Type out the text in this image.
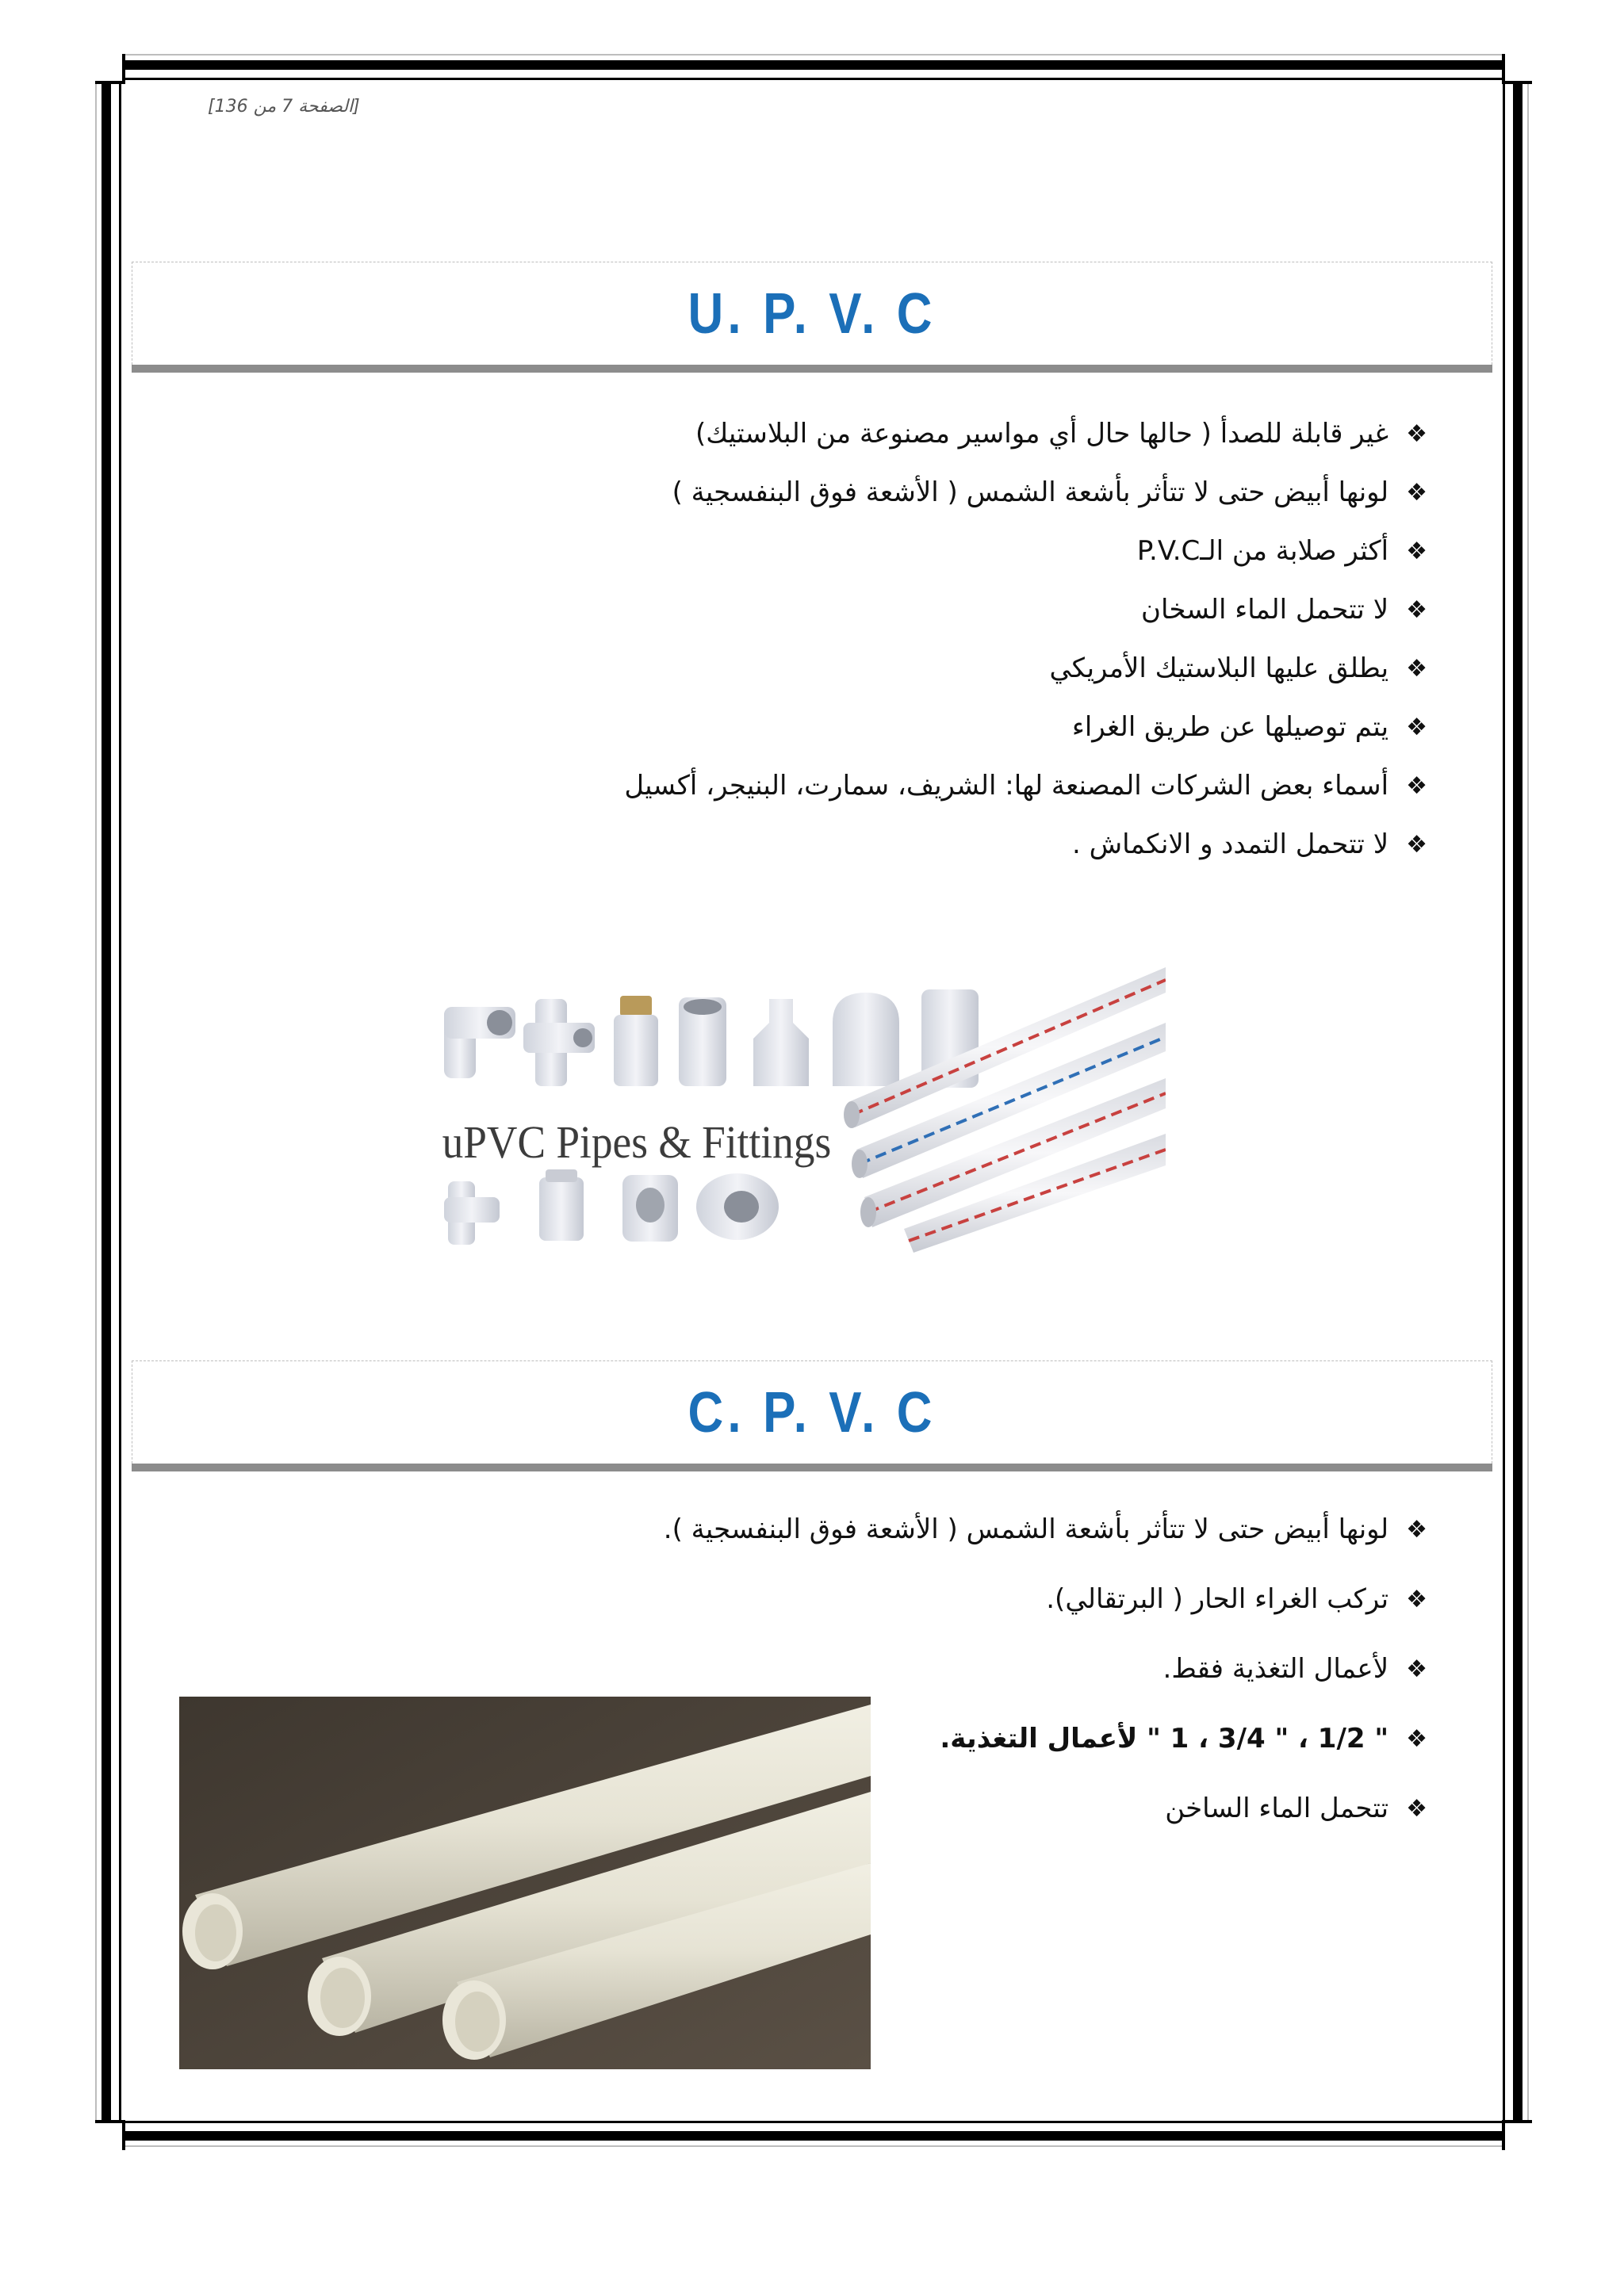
[الصفحة 7 من 136]
U. P. V. C
❖
غير قابلة للصدأ ( حالها حال أي مواسير مصنوعة من البلاستيك)
❖
لونها أبيض حتى لا تتأثر بأشعة الشمس ( الأشعة فوق البنفسجية )
❖
أكثر صلابة من الـP.V.C
❖
لا تتحمل الماء السخان
❖
يطلق عليها البلاستيك الأمريكي
❖
يتم توصيلها عن طريق الغراء
❖
أسماء بعض الشركات المصنعة لها: الشريف، سمارت، البنيجر، أكسيل
❖
لا تتحمل التمدد و الانكماش .
uPVC Pipes & Fittings
C. P. V. C
❖
لونها أبيض حتى لا تتأثر بأشعة الشمس ( الأشعة فوق البنفسجية ).
❖
تركب الغراء الحار ( البرتقالي).
❖
لأعمال التغذية فقط.
❖
" 1/2 ، " 3/4 ، 1 " لأعمال التغذية.
❖
تتحمل الماء الساخن
